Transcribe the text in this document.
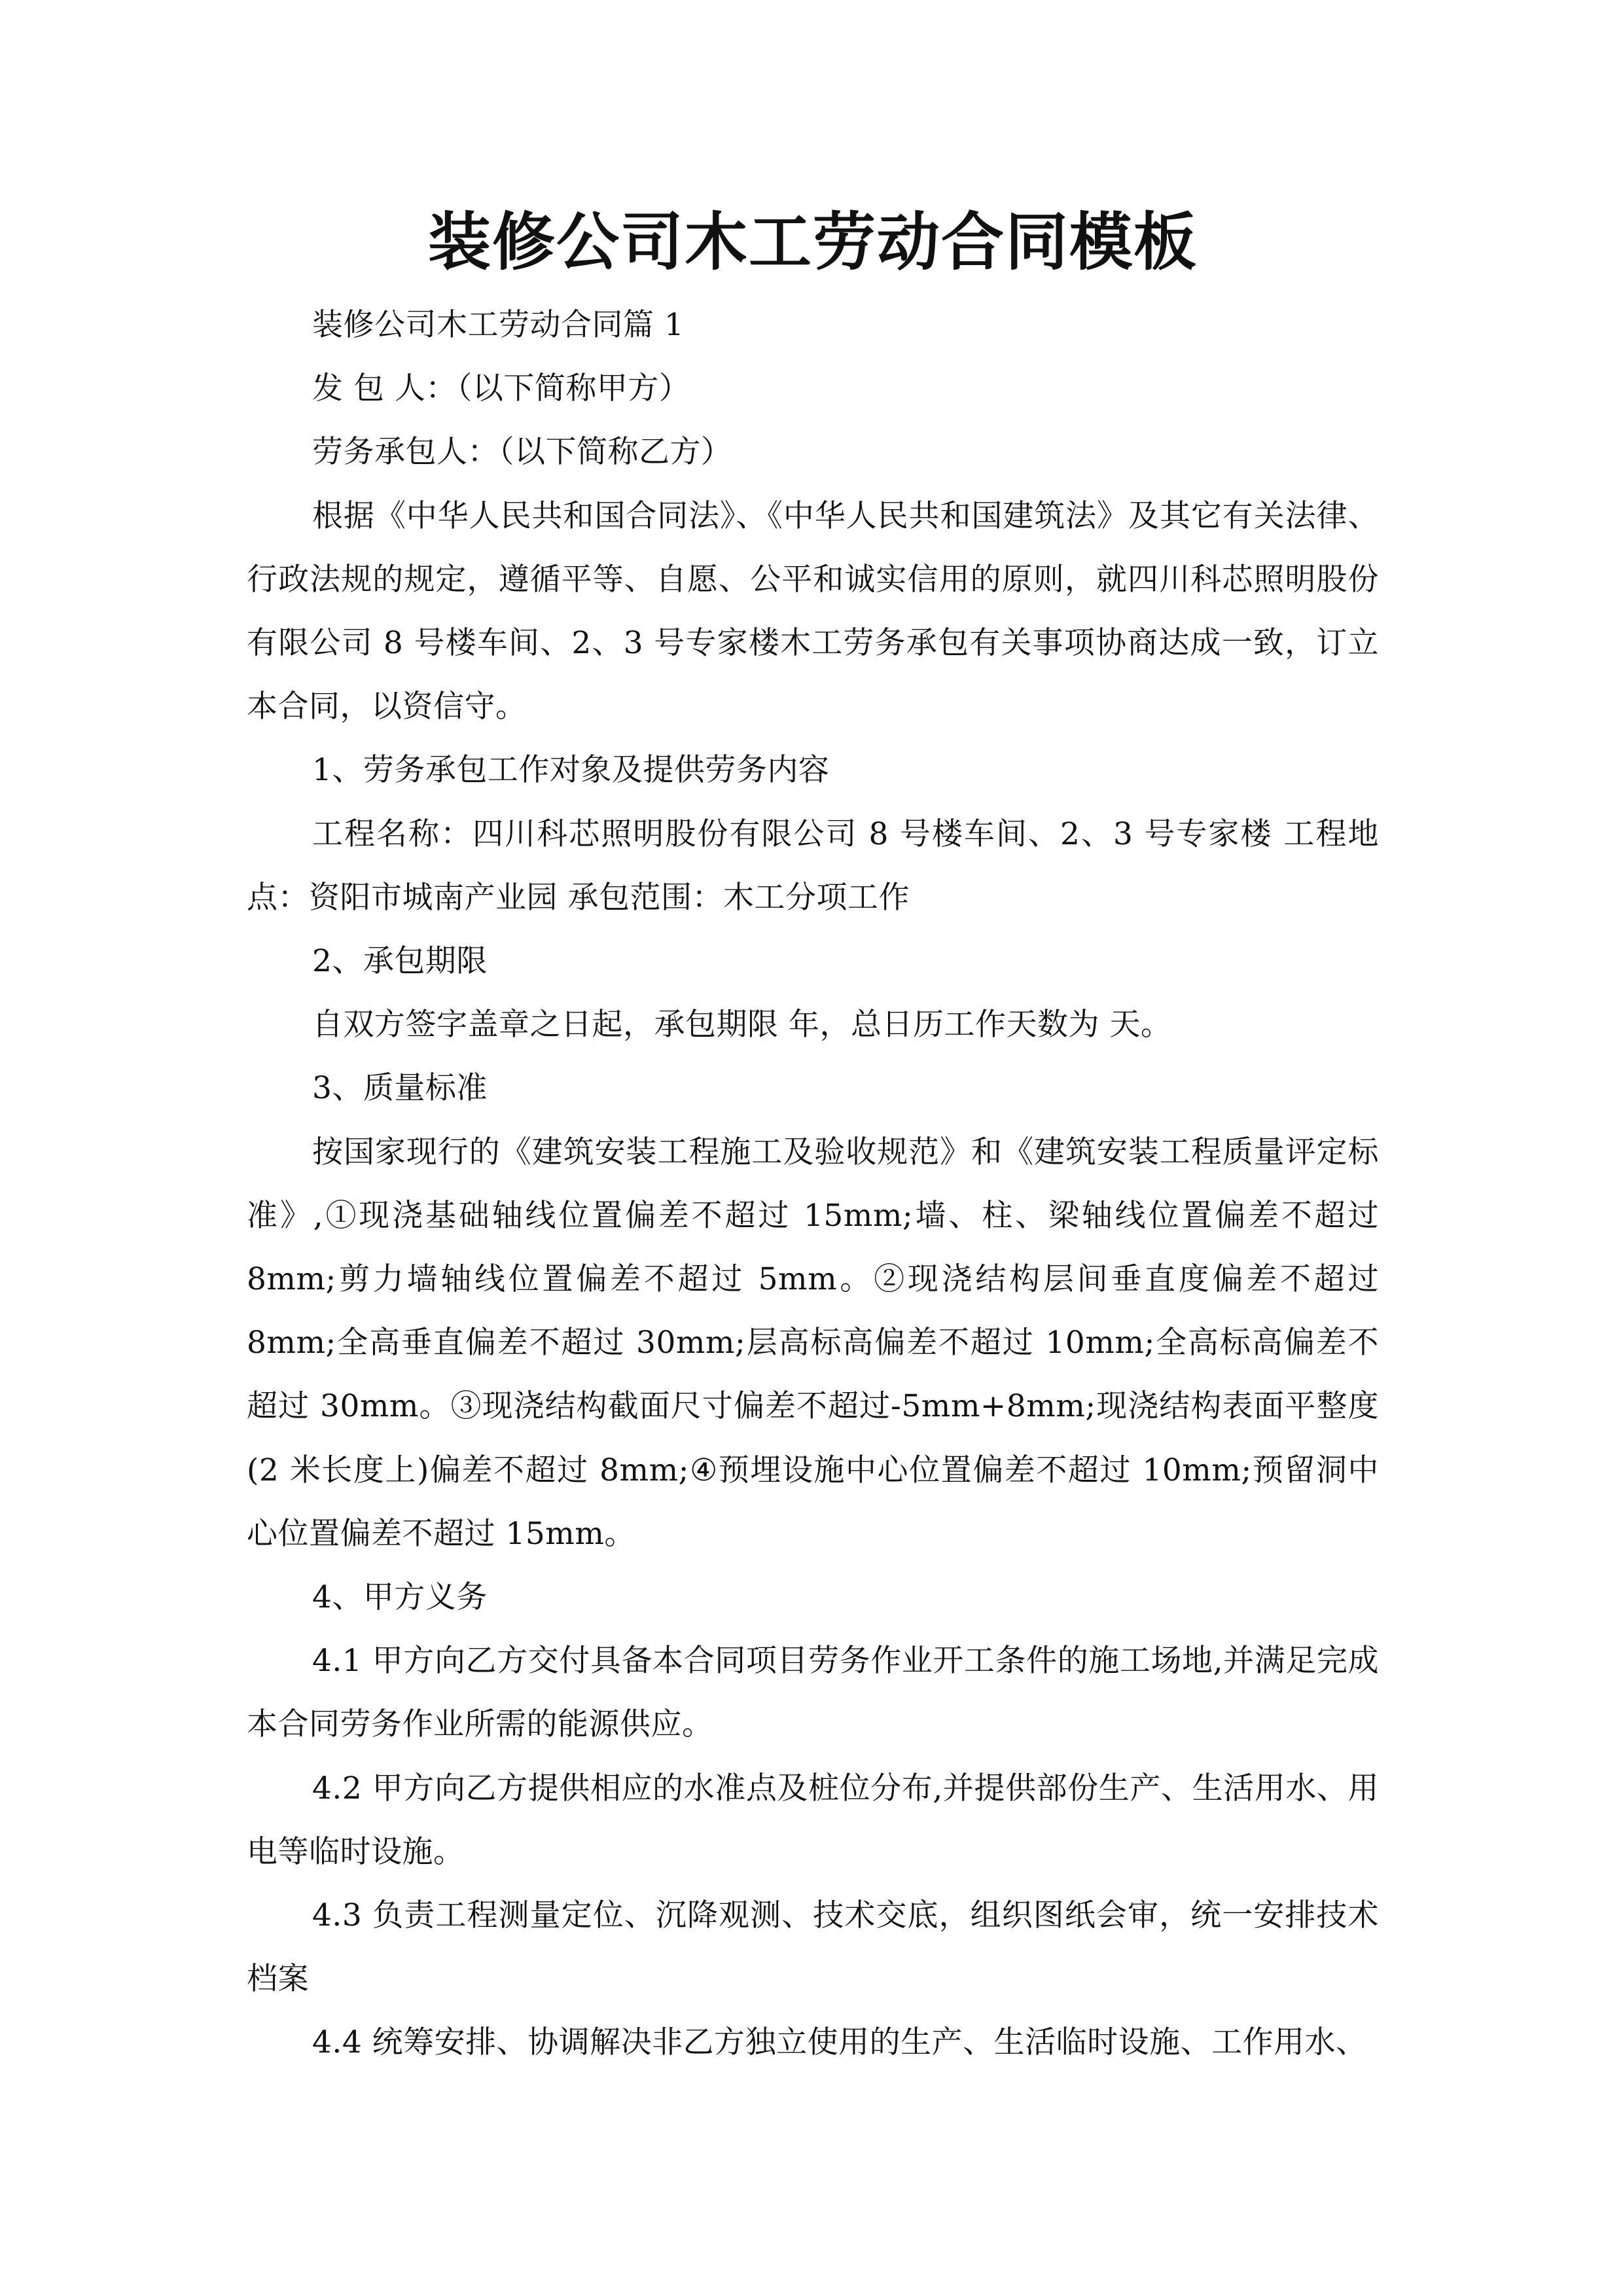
装修公司木工劳动合同模板

装修公司木工劳动合同篇 1

发 包 人：（以下简称甲方）

劳务承包人：（以下简称乙方）

根据《中华人民共和国合同法》、《中华人民共和国建筑法》及其它有关法律、行政法规的规定，遵循平等、自愿、公平和诚实信用的原则，就四川科芯照明股份有限公司 8 号楼车间、2、3 号专家楼木工劳务承包有关事项协商达成一致，订立本合同，以资信守。

1、劳务承包工作对象及提供劳务内容

工程名称：四川科芯照明股份有限公司 8 号楼车间、2、3 号专家楼 工程地点：资阳市城南产业园 承包范围：木工分项工作

2、承包期限

自双方签字盖章之日起，承包期限 年，总日历工作天数为 天。

3、质量标准

按国家现行的《建筑安装工程施工及验收规范》和《建筑安装工程质量评定标准》,①现浇基础轴线位置偏差不超过 15mm;墙、柱、梁轴线位置偏差不超过 8mm;剪力墙轴线位置偏差不超过 5mm。②现浇结构层间垂直度偏差不超过 8mm;全高垂直偏差不超过 30mm;层高标高偏差不超过 10mm;全高标高偏差不超过 30mm。③现浇结构截面尺寸偏差不超过-5mm+8mm;现浇结构表面平整度(2 米长度上)偏差不超过 8mm;④预埋设施中心位置偏差不超过 10mm;预留洞中心位置偏差不超过 15mm。

4、甲方义务

4.1 甲方向乙方交付具备本合同项目劳务作业开工条件的施工场地,并满足完成本合同劳务作业所需的能源供应。

4.2 甲方向乙方提供相应的水准点及桩位分布,并提供部份生产、生活用水、用电等临时设施。

4.3 负责工程测量定位、沉降观测、技术交底，组织图纸会审，统一安排技术档案

4.4 统筹安排、协调解决非乙方独立使用的生产、生活临时设施、工作用水、
